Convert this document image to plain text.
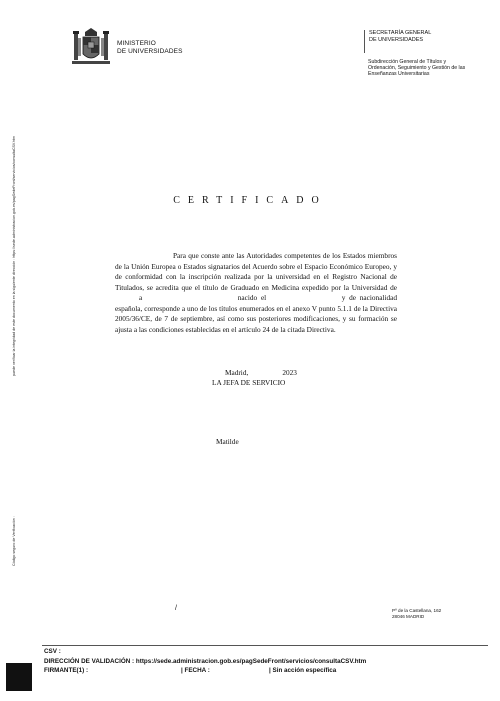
MINISTERIO
DE UNIVERSIDADES
SECRETARÍA GENERAL
DE UNIVERSIDADES
Subdirección General de Títulos y Ordenación, Seguimiento y Gestión de las Enseñanzas Universitarias
puede verificar la integridad de este documento en la siguiente dirección : https://sede.administracion.gob.es/pagSedeFront/servicios/consultaCSV.htm
Código seguro de Verificación :
CERTIFICADO
Para que conste ante las Autoridades competentes de los Estados miembros de la Unión Europea o Estados signatarios del Acuerdo sobre el Espacio Económico Europeo, y de conformidad con la inscripción realizada por la universidad en el Registro Nacional de Titulados, se acredita que el título de Graduado en Medicina expedido por la Universidad de a	nacido el	y de nacionalidad española, corresponde a uno de los títulos enumerados en el anexo V punto 5.1.1 de la Directiva 2005/36/CE, de 7 de septiembre, así como sus posteriores modificaciones, y su formación se ajusta a las condiciones establecidas en el artículo 24 de la citada Directiva.
Madrid,	2023
LA JEFA DE SERVICIO
Matilde
/	Pº de la Castellana, 162
28046 MADRID
CSV :
DIRECCIÓN DE VALIDACIÓN : https://sede.administracion.gob.es/pagSedeFront/servicios/consultaCSV.htm
FIRMANTE(1) :	| FECHA :	| Sin acción específica
